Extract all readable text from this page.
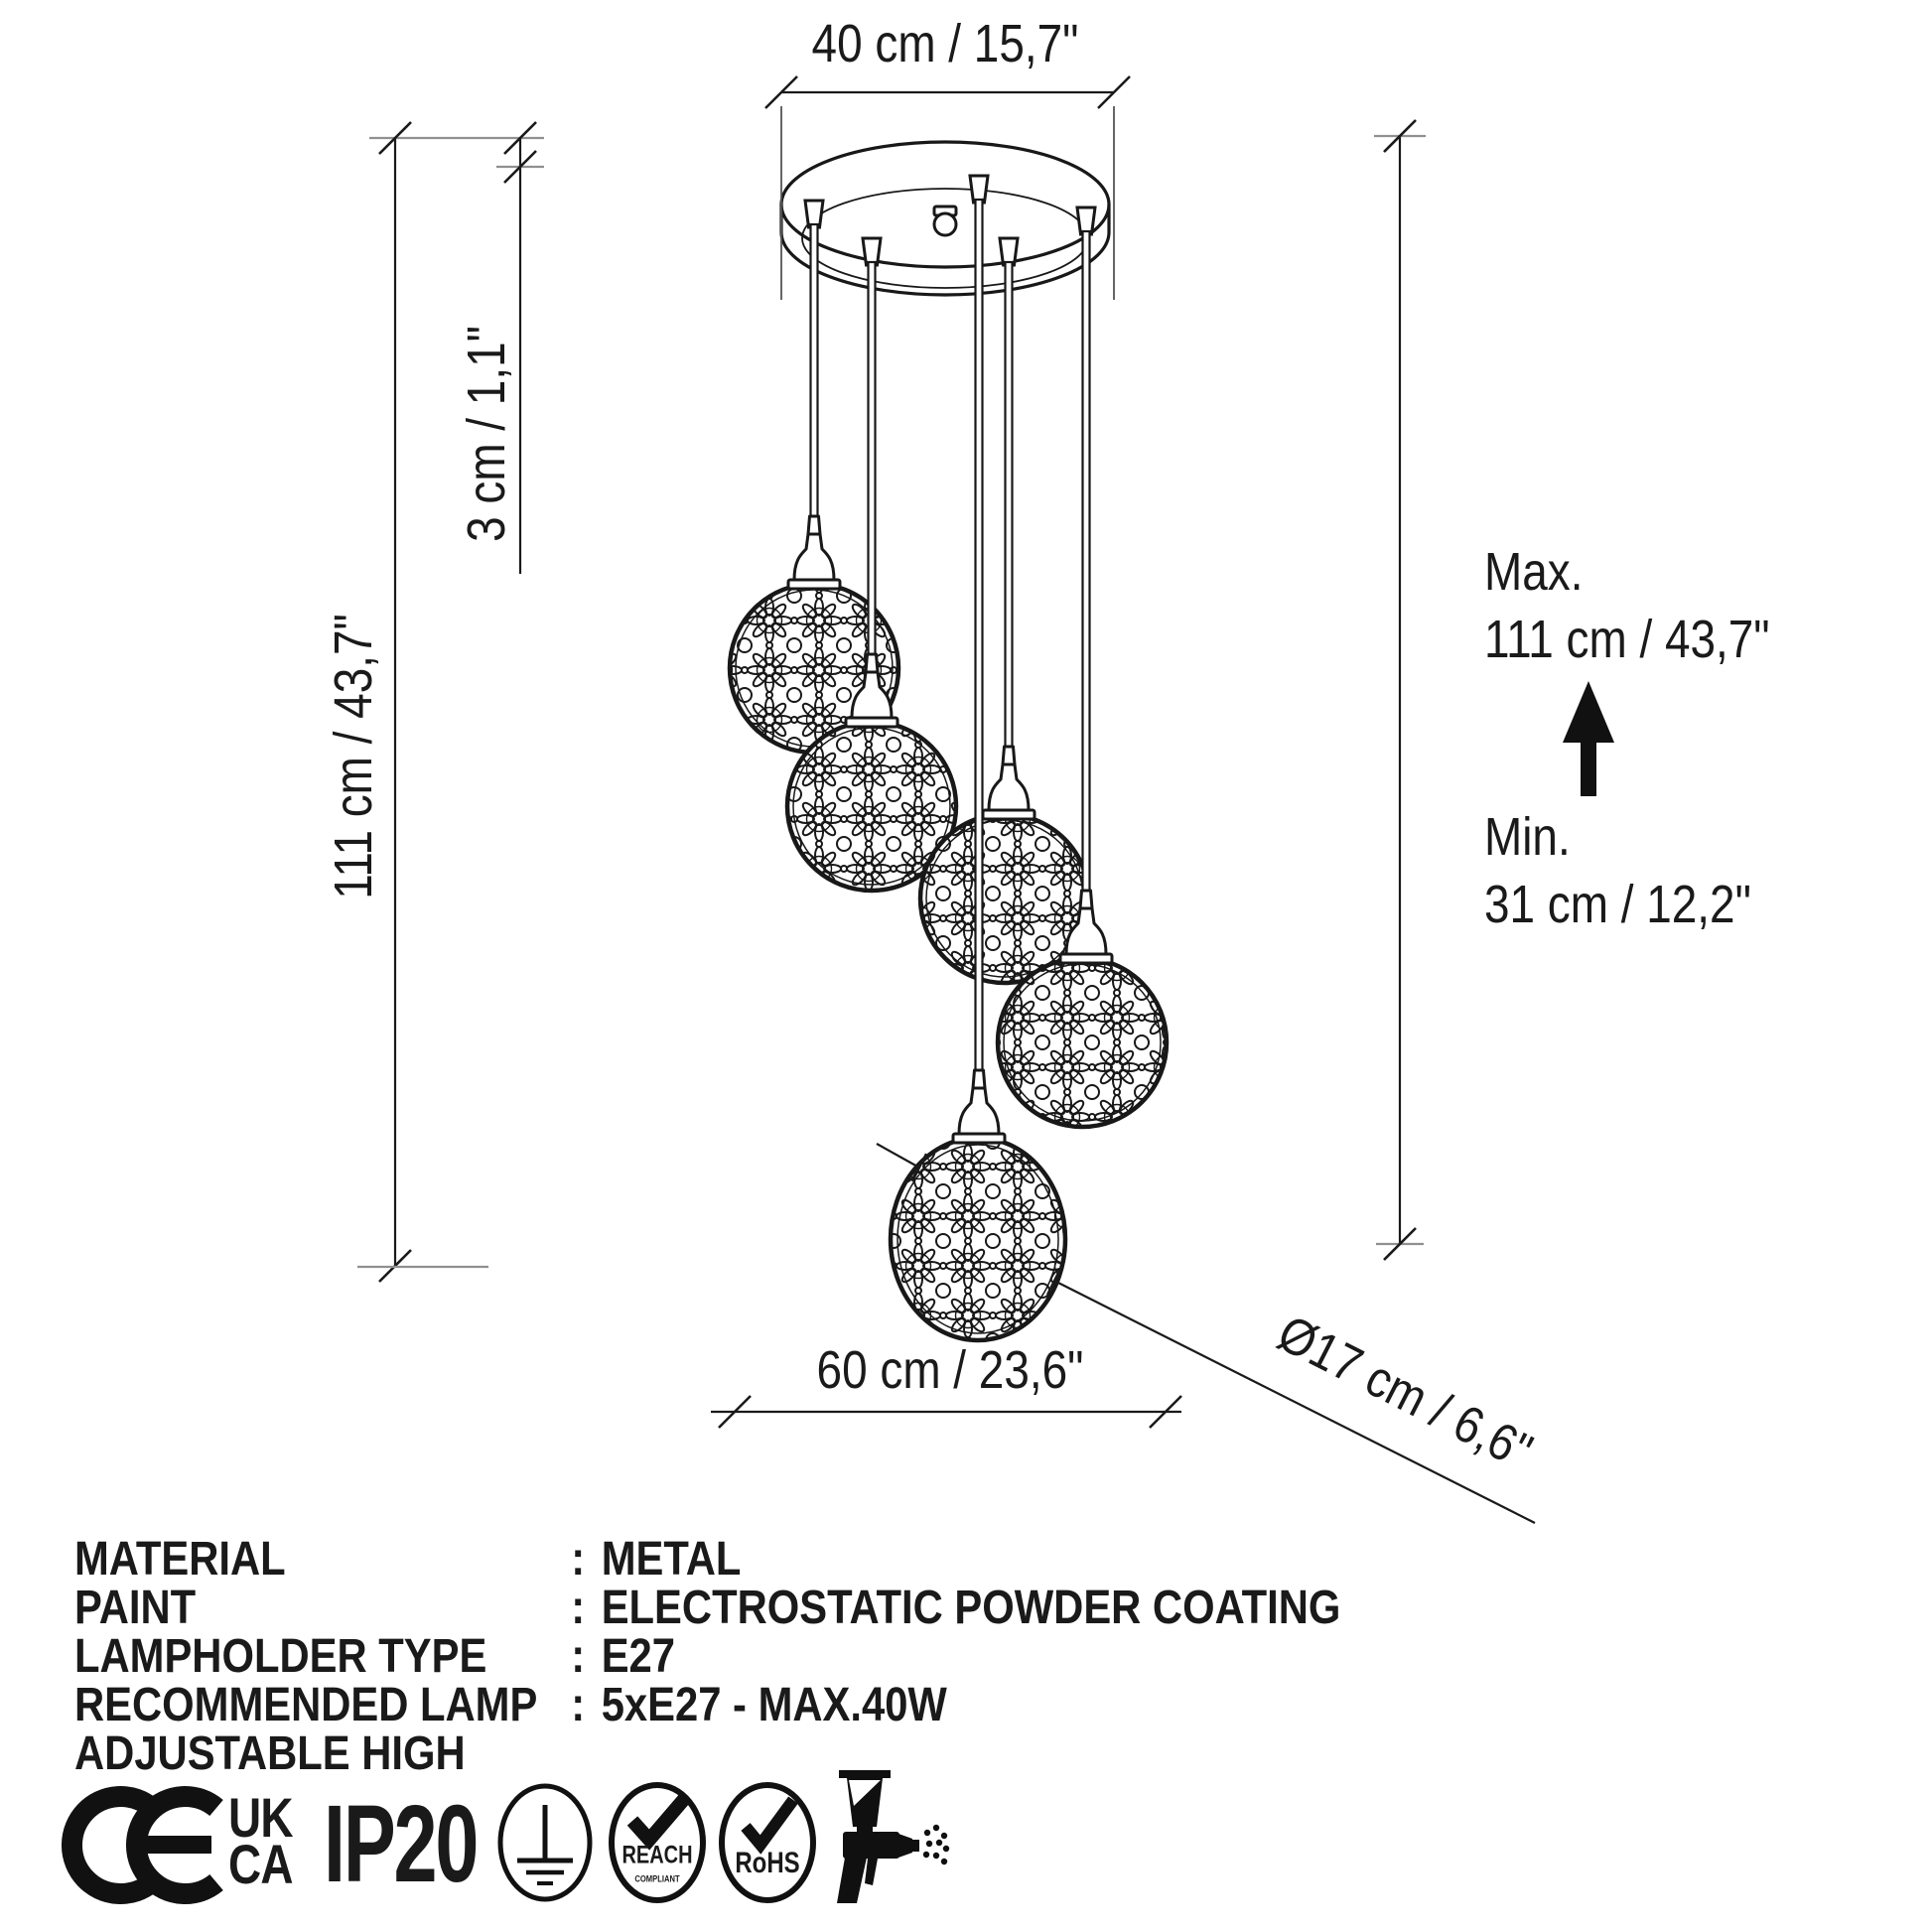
40 cm / 15,7"
3 cm / 1,1"
111 cm / 43,7"
Max.
111 cm / 43,7"
Min.
31 cm / 12,2"
60 cm / 23,6"	Ø17 cm / 6,6"
MATERIAL	: METAL
PAINT	: ELECTROSTATIC POWDER COATING
LAMPHOLDER TYPE	: E27
RECOMMENDED LAMP : 5xE27 - MAX.40W
ADJUSTABLE HIGH
UK
CA IP20	REACH
COMPLIANT RoHS
